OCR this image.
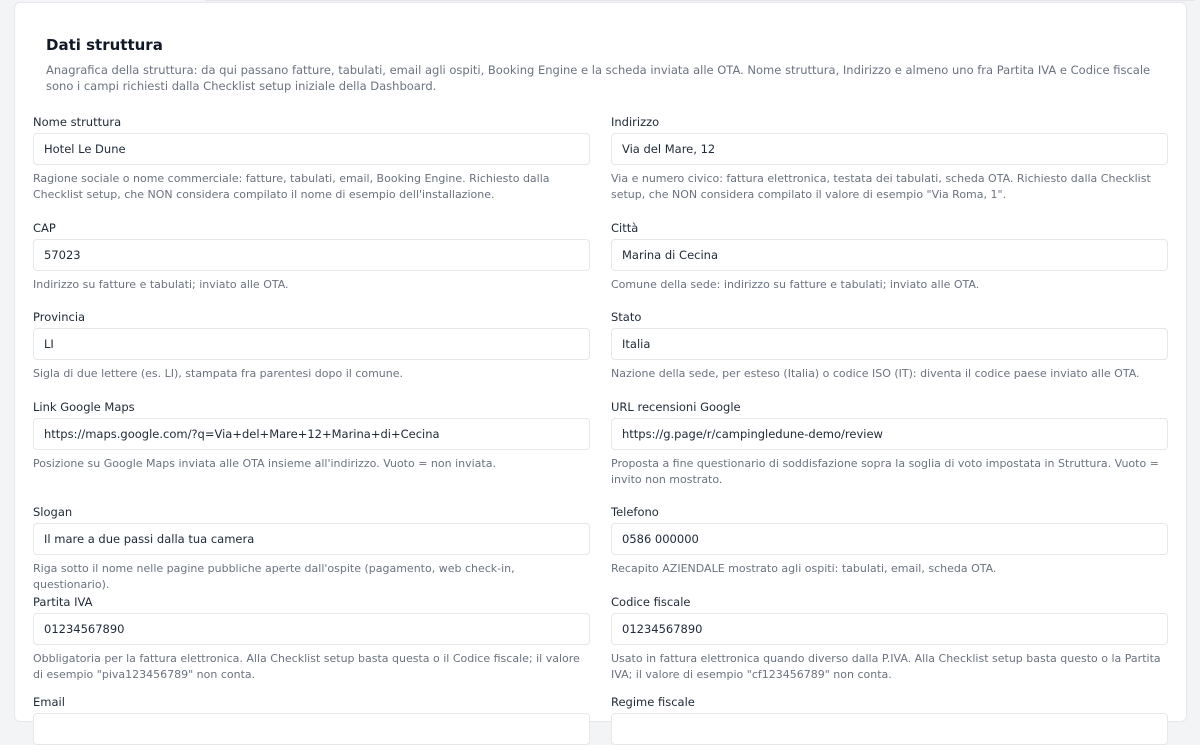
Dati struttura

Anagrafica della struttura: da qui passano fatture, tabulati, email agli ospiti, Booking Engine e la scheda inviata alle OTA. Nome struttura, Indirizzo e almeno uno fra Partita IVA e Codice fiscale sono i campi richiesti dalla Checklist setup iniziale della Dashboard.

Nome struttura
Hotel Le Dune

Ragione sociale o nome commerciale: fatture, tabulati, email, Booking Engine. Richiesto dalla Checklist setup, che NON considera compilato il nome di esempio dell'installazione.

Indirizzo
Via del Mare, 12

Via e numero civico: fattura elettronica, testata dei tabulati, scheda OTA. Richiesto dalla Checklist setup, che NON considera compilato il valore di esempio "Via Roma, 1".

CAP
57023

Indirizzo su fatture e tabulati; inviato alle OTA.

Città
Marina di Cecina

Comune della sede: indirizzo su fatture e tabulati; inviato alle OTA.

Provincia
LI

Sigla di due lettere (es. LI), stampata fra parentesi dopo il comune.

Stato
Italia

Nazione della sede, per esteso (Italia) o codice ISO (IT): diventa il codice paese inviato alle OTA.

Link Google Maps
https://maps.google.com/?q=Via+del+Mare+12+Marina+di+Cecina

Posizione su Google Maps inviata alle OTA insieme all'indirizzo. Vuoto = non inviata.

URL recensioni Google
https://g.page/r/campingledune-demo/review

Proposta a fine questionario di soddisfazione sopra la soglia di voto impostata in Struttura. Vuoto = invito non mostrato.

Slogan
Il mare a due passi dalla tua camera

Riga sotto il nome nelle pagine pubbliche aperte dall'ospite (pagamento, web check-in, questionario).

Telefono
0586 000000

Recapito AZIENDALE mostrato agli ospiti: tabulati, email, scheda OTA.

Partita IVA
01234567890

Obbligatoria per la fattura elettronica. Alla Checklist setup basta questa o il Codice fiscale; il valore di esempio "piva123456789" non conta.

Codice fiscale
01234567890

Usato in fattura elettronica quando diverso dalla P.IVA. Alla Checklist setup basta questo o la Partita IVA; il valore di esempio "cf123456789" non conta.

Email	Regime fiscale
